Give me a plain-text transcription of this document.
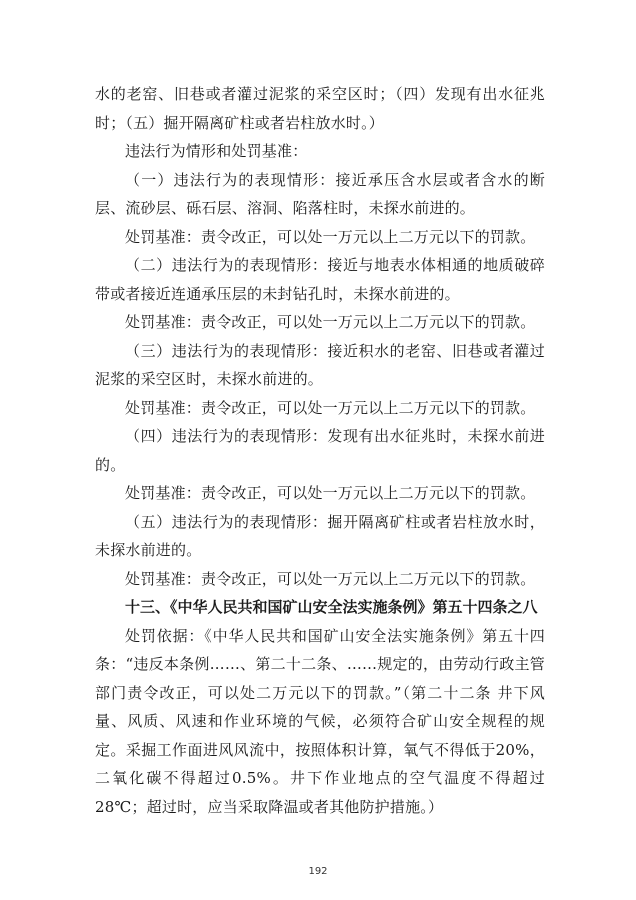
水的老窑、旧巷或者灌过泥浆的采空区时；（四）发现有出水征兆时；（五）掘开隔离矿柱或者岩柱放水时。）

违法行为情形和处罚基准：

（一）违法行为的表现情形：接近承压含水层或者含水的断层、流砂层、砾石层、溶洞、陷落柱时，未探水前进的。

处罚基准：责令改正，可以处一万元以上二万元以下的罚款。

（二）违法行为的表现情形：接近与地表水体相通的地质破碎带或者接近连通承压层的未封钻孔时，未探水前进的。

处罚基准：责令改正，可以处一万元以上二万元以下的罚款。

（三）违法行为的表现情形：接近积水的老窑、旧巷或者灌过泥浆的采空区时，未探水前进的。

处罚基准：责令改正，可以处一万元以上二万元以下的罚款。

（四）违法行为的表现情形：发现有出水征兆时，未探水前进的。

处罚基准：责令改正，可以处一万元以上二万元以下的罚款。

（五）违法行为的表现情形：掘开隔离矿柱或者岩柱放水时，未探水前进的。

处罚基准：责令改正，可以处一万元以上二万元以下的罚款。

十三、《中华人民共和国矿山安全法实施条例》第五十四条之八

处罚依据：《中华人民共和国矿山安全法实施条例》第五十四条：“违反本条例……、第二十二条、……规定的，由劳动行政主管部门责令改正，可以处二万元以下的罚款。”（第二十二条 井下风量、风质、风速和作业环境的气候，必须符合矿山安全规程的规定。采掘工作面进风风流中，按照体积计算，氧气不得低于20%，二氧化碳不得超过0.5%。井下作业地点的空气温度不得超过28℃；超过时，应当采取降温或者其他防护措施。）

192
